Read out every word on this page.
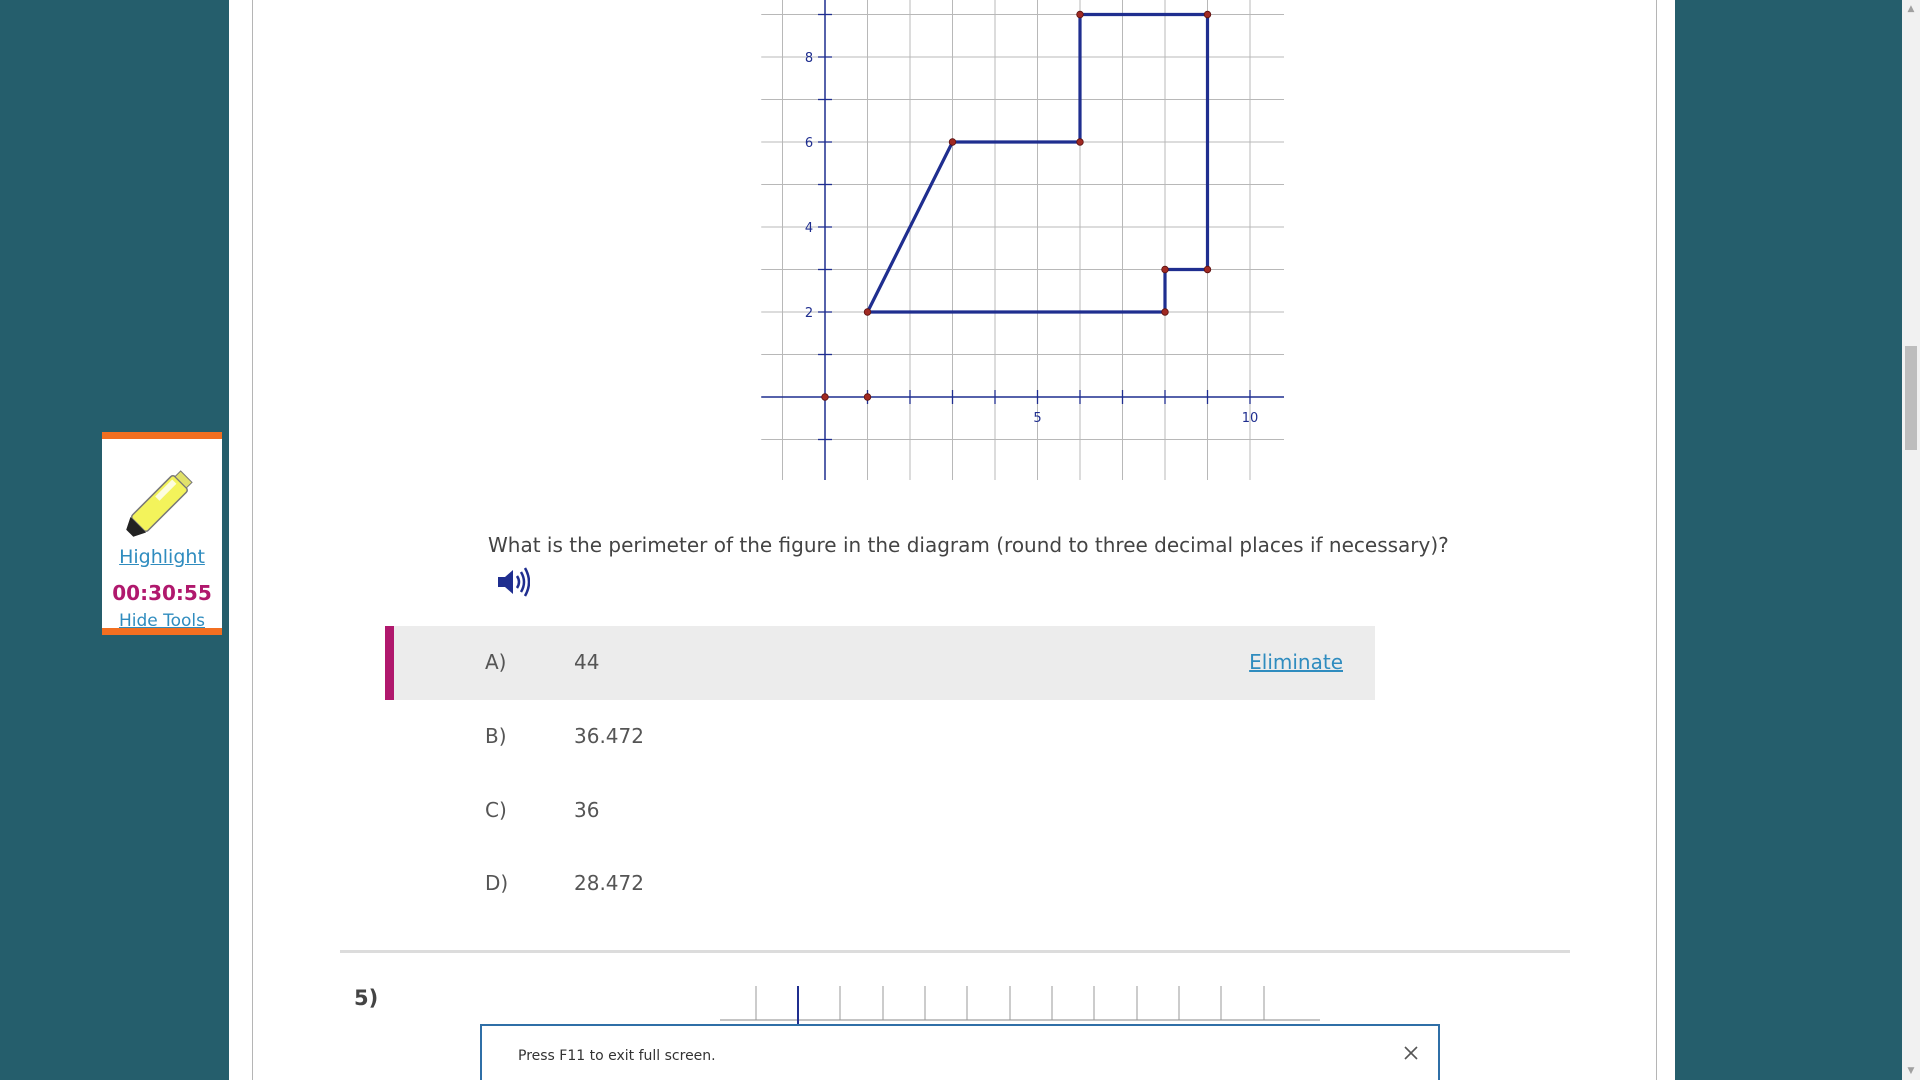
Highlight
00:30:55
Hide Tools
2
4
6
8
5	10
What is the perimeter of the figure in the diagram (round to three decimal places if necessary)?
A)	44	Eliminate
B)	36.472
C)	36
D)	28.472
5)
Press F11 to exit full screen.
▲
▼
